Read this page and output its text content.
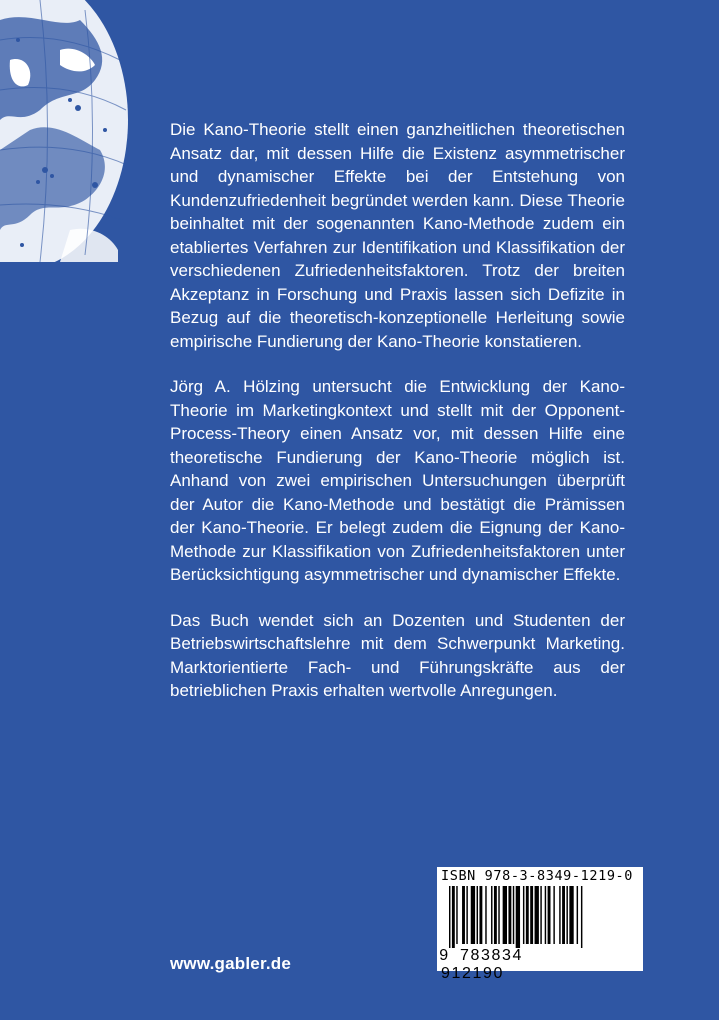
Die Kano-Theorie stellt einen ganzheitlichen theoretischen Ansatz dar, mit dessen Hilfe die Existenz asymmetrischer und dynamischer Effekte bei der Entstehung von Kundenzufriedenheit begründet werden kann. Diese Theorie beinhaltet mit der sogenannten Kano-Methode zudem ein etabliertes Verfahren zur Identifikation und Klassifikation der verschiedenen Zufriedenheitsfaktoren. Trotz der breiten Akzeptanz in Forschung und Praxis lassen sich Defizite in Bezug auf die theoretisch-konzeptionelle Herleitung sowie empirische Fundierung der Kano-Theorie konstatieren.

Jörg A. Hölzing untersucht die Entwicklung der Kano-Theorie im Marketingkontext und stellt mit der Opponent-Process-Theory einen Ansatz vor, mit dessen Hilfe eine theoretische Fundierung der Kano-Theorie möglich ist. Anhand von zwei empirischen Untersuchungen überprüft der Autor die Kano-Methode und bestätigt die Prämissen der Kano-Theorie. Er belegt zudem die Eignung der Kano-Methode zur Klassifikation von Zufriedenheitsfaktoren unter Berücksichtigung asymmetrischer und dynamischer Effekte.

Das Buch wendet sich an Dozenten und Studenten der Betriebswirtschaftslehre mit dem Schwerpunkt Marketing. Marktorientierte Fach- und Führungskräfte aus der betrieblichen Praxis erhalten wertvolle Anregungen.

www.gabler.de
ISBN 978-3-8349-1219-0
9 783834 912190
